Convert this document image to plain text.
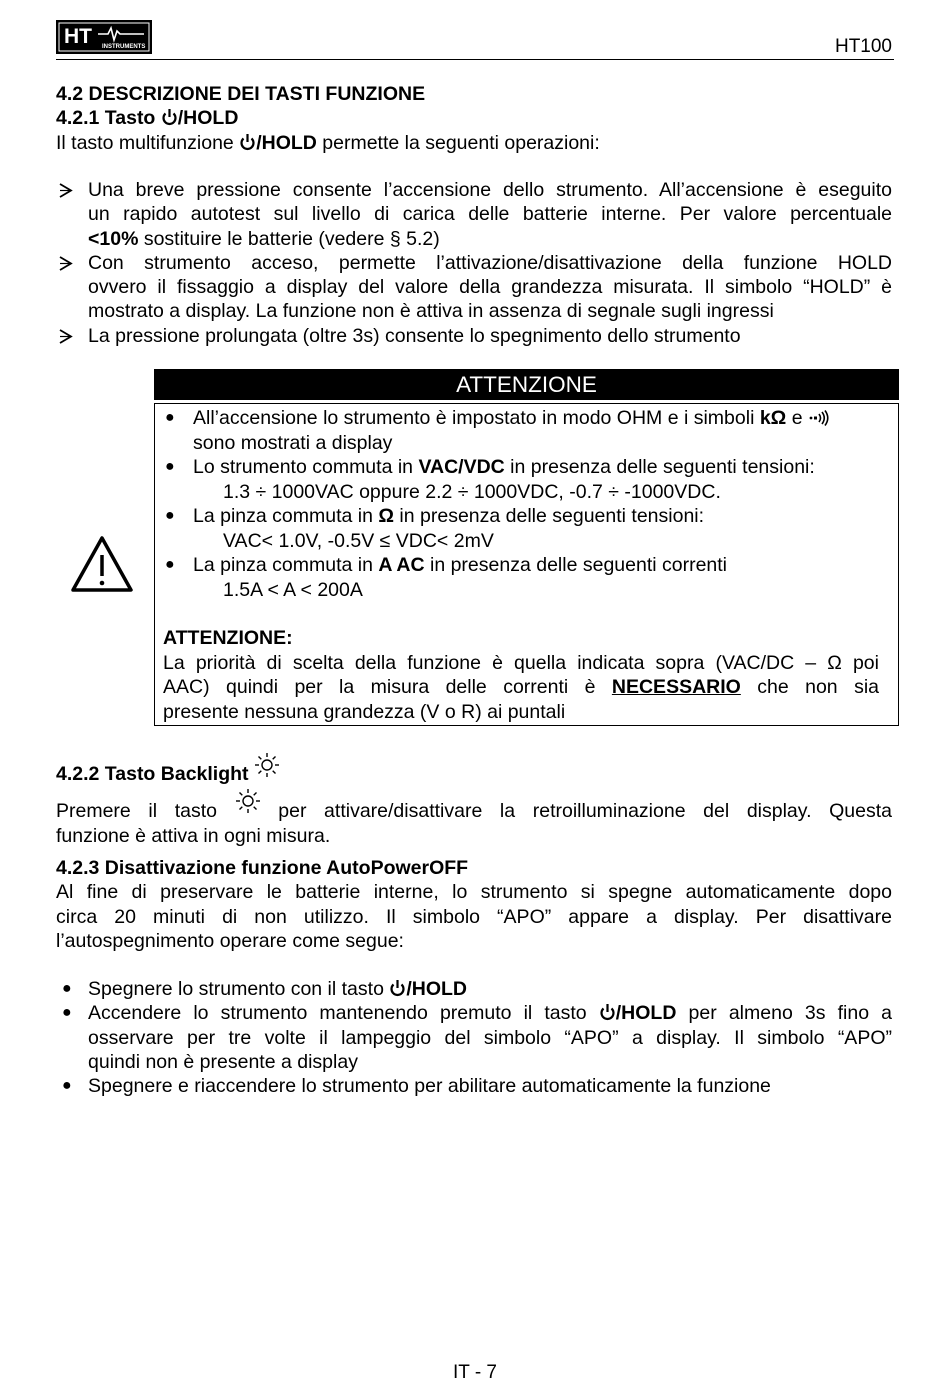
HT INSTRUMENTS	HT100
4.2 DESCRIZIONE DEI TASTI FUNZIONE
4.2.1 Tasto /HOLD
Il tasto multifunzione /HOLD permette la seguenti operazioni:
Una breve pressione consente l’accensione dello strumento. All’accensione è eseguito
un rapido autotest sul livello di carica delle batterie interne. Per valore percentuale
<10% sostituire le batterie (vedere § 5.2)
Con strumento acceso, permette l’attivazione/disattivazione della funzione HOLD
ovvero il fissaggio a display del valore della grandezza misurata. Il simbolo “HOLD” è
mostrato a display. La funzione non è attiva in assenza di segnale sugli ingressi
La pressione prolungata (oltre 3s) consente lo spegnimento dello strumento
ATTENZIONE
● All’accensione lo strumento è impostato in modo OHM e i simboli kΩ e
sono mostrati a display
● Lo strumento commuta in VAC/VDC in presenza delle seguenti tensioni:
1.3 ÷ 1000VAC oppure 2.2 ÷ 1000VDC, -0.7 ÷ -1000VDC.
● La pinza commuta in Ω in presenza delle seguenti tensioni:
VAC< 1.0V, -0.5V ≤ VDC< 2mV
● La pinza commuta in A AC in presenza delle seguenti correnti
1.5A < A < 200A
ATTENZIONE:
La priorità di scelta della funzione è quella indicata sopra (VAC/DC – Ω poi
AAC) quindi per la misura delle correnti è NECESSARIO che non sia
presente nessuna grandezza (V o R) ai puntali
4.2.2 Tasto Backlight
Premere il tasto	per attivare/disattivare la retroilluminazione del display. Questa
funzione è attiva in ogni misura.
4.2.3 Disattivazione funzione AutoPowerOFF
Al fine di preservare le batterie interne, lo strumento si spegne automaticamente dopo
circa 20 minuti di non utilizzo. Il simbolo “APO” appare a display. Per disattivare
l’autospegnimento operare come segue:
● Spegnere lo strumento con il tasto /HOLD
● Accendere lo strumento mantenendo premuto il tasto /HOLD per almeno 3s fino a
osservare per tre volte il lampeggio del simbolo “APO” a display. Il simbolo “APO”
quindi non è presente a display
● Spegnere e riaccendere lo strumento per abilitare automaticamente la funzione
IT - 7
